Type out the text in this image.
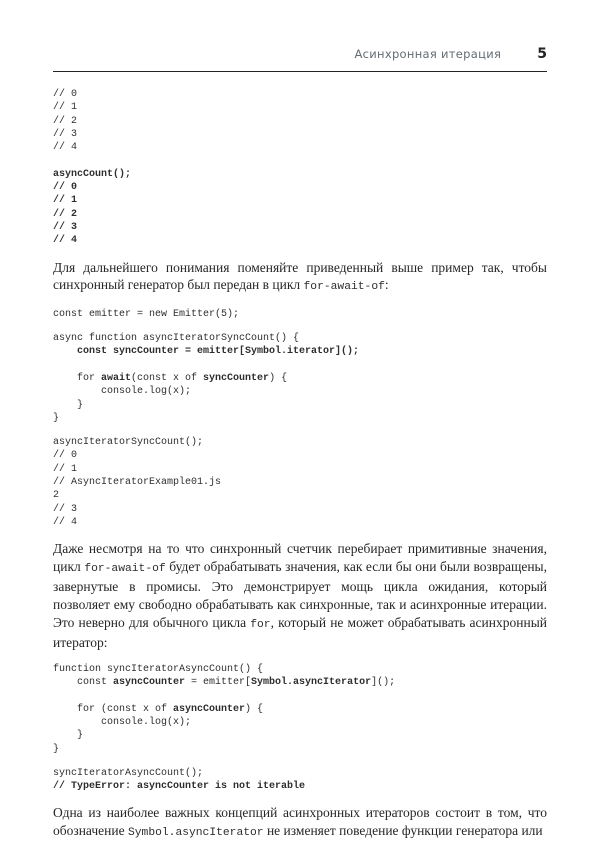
Асинхронная итерация	5
// 0
// 1
// 2
// 3
// 4

asyncCount();
// 0
// 1
// 2
// 3
// 4

Для дальнейшего понимания поменяйте приведенный выше пример так, чтобы синхронный генератор был передан в цикл for-await-of:

const emitter = new Emitter(5);
async function asyncIteratorSyncCount() {
const syncCounter = emitter[Symbol.iterator]();

for await(const x of syncCounter) {
console.log(x);
}
}
asyncIteratorSyncCount();
// 0
// 1
// AsyncIteratorExample01.js
2
// 3
// 4

Даже несмотря на то что синхронный счетчик перебирает примитивные значения, цикл for-await-of будет обрабатывать значения, как если бы они были возвращены, завернутые в промисы. Это демонстрирует мощь цикла ожидания, который позволяет ему свободно обрабатывать как синхронные, так и асинхронные итерации. Это неверно для обычного цикла for, который не может обрабатывать асинхронный итератор:

function syncIteratorAsyncCount() {
const asyncCounter = emitter[Symbol.asyncIterator]();

for (const x of asyncCounter) {
console.log(x);
}
}
syncIteratorAsyncCount();
// TypeError: asyncCounter is not iterable

Одна из наиболее важных концепций асинхронных итераторов состоит в том, что обозначение Symbol.asyncIterator не изменяет поведение функции генератора или
